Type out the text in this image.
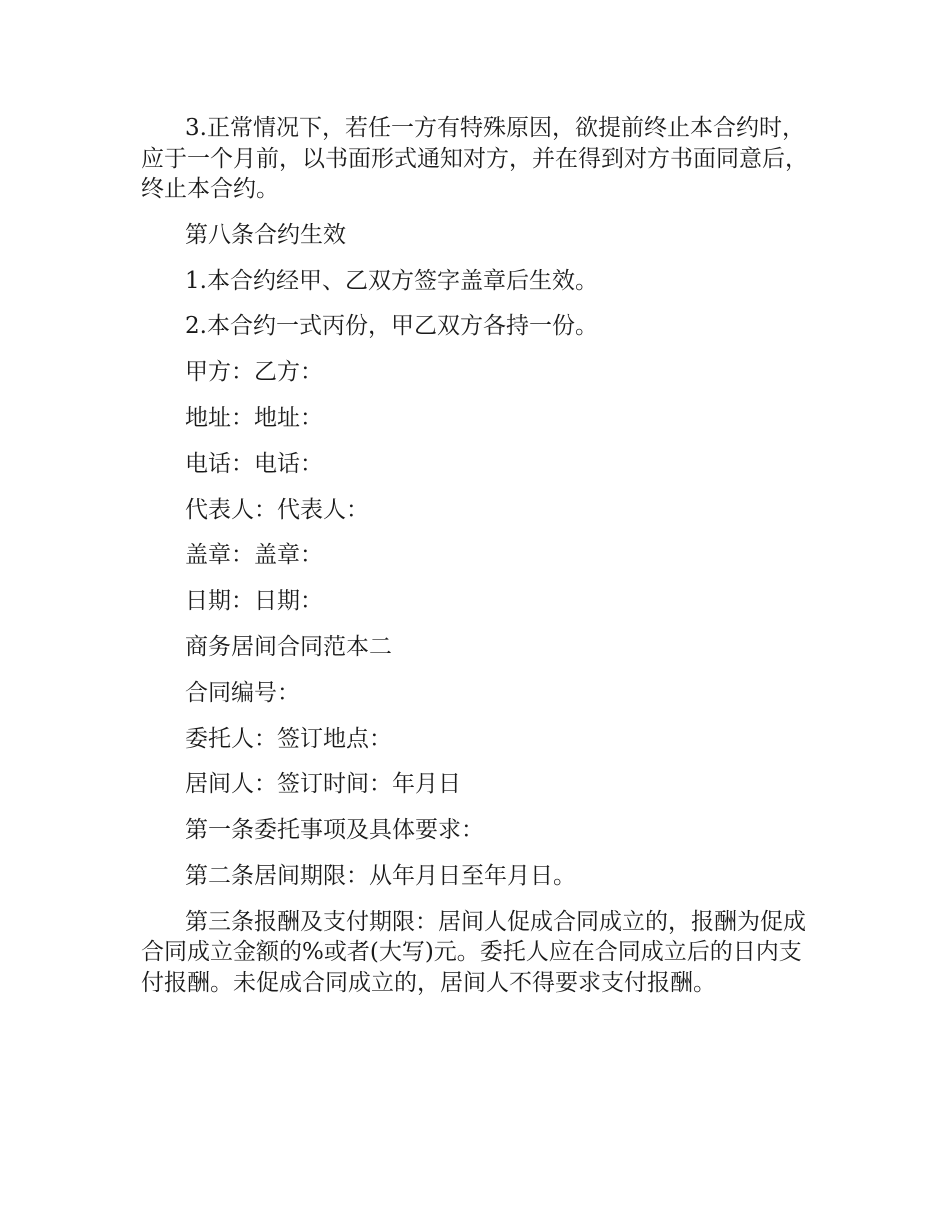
3.正常情况下，若任一方有特殊原因，欲提前终止本合约时，应于一个月前，以书面形式通知对方，并在得到对方书面同意后，终止本合约。

第八条合约生效

1.本合约经甲、乙双方签字盖章后生效。

2.本合约一式丙份，甲乙双方各持一份。

甲方：乙方：

地址：地址：

电话：电话：

代表人：代表人：

盖章：盖章：

日期：日期：

商务居间合同范本二

合同编号：

委托人：签订地点：

居间人：签订时间：年月日

第一条委托事项及具体要求：

第二条居间期限：从年月日至年月日。

第三条报酬及支付期限：居间人促成合同成立的，报酬为促成合同成立金额的%或者(大写)元。委托人应在合同成立后的日内支付报酬。未促成合同成立的，居间人不得要求支付报酬。
